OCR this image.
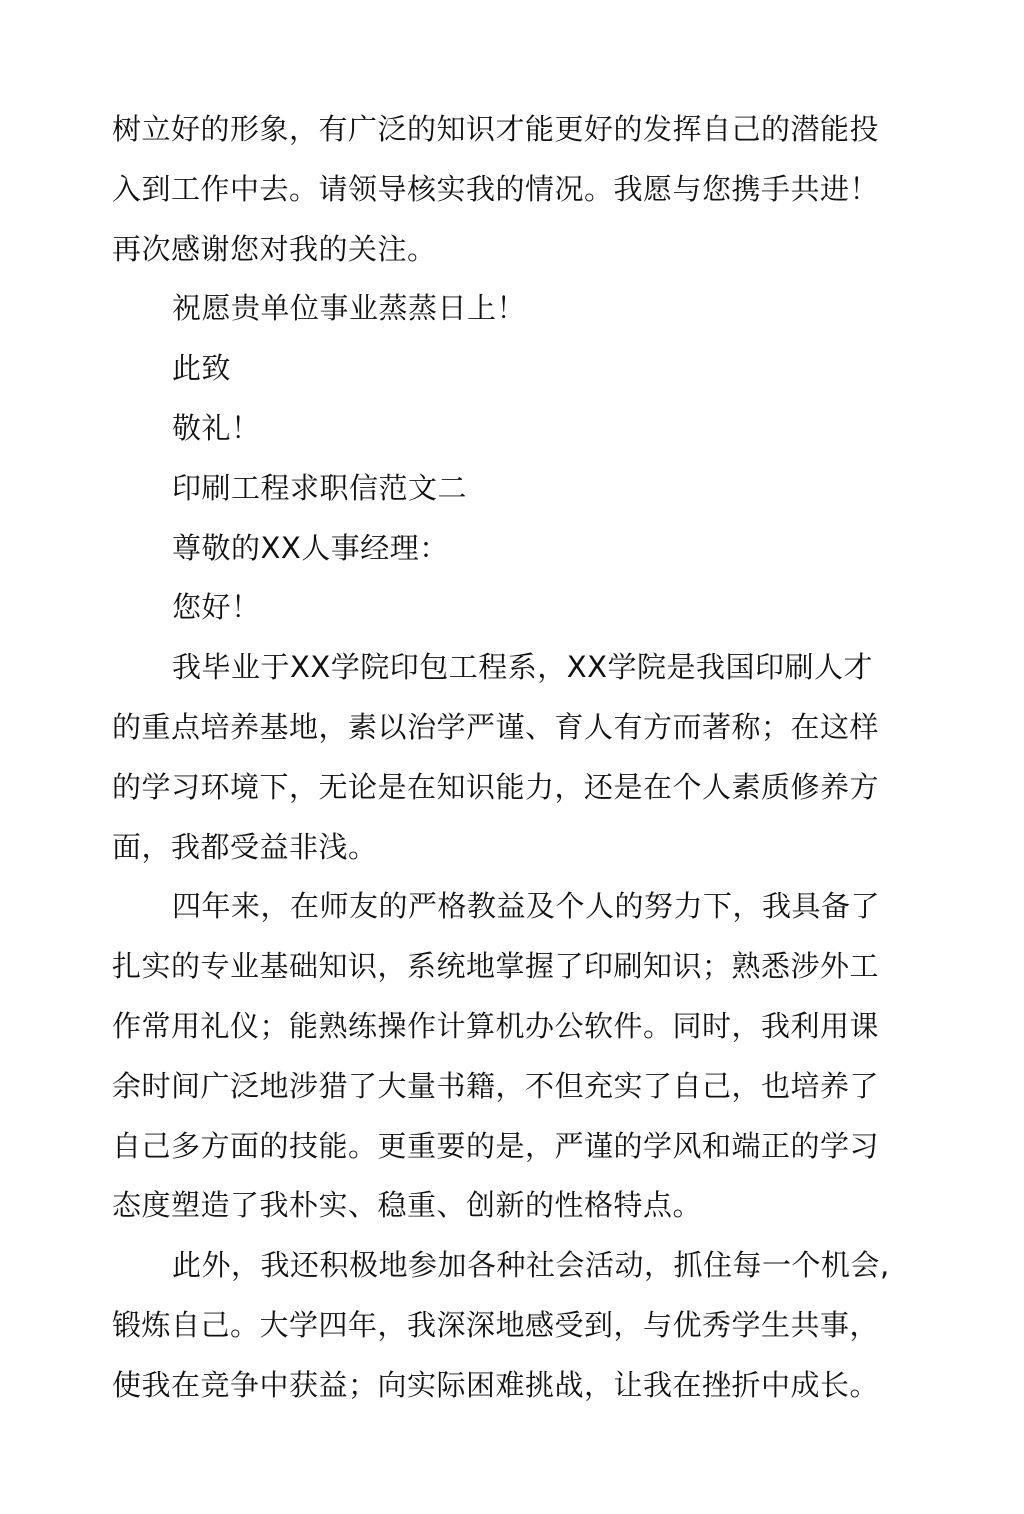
树立好的形象，有广泛的知识才能更好的发挥自己的潜能投
入到工作中去。请领导核实我的情况。我愿与您携手共进！
再次感谢您对我的关注。
祝愿贵单位事业蒸蒸日上！
此致
敬礼！
印刷工程求职信范文二
尊敬的XX人事经理：
您好！
我毕业于XX学院印包工程系，XX学院是我国印刷人才
的重点培养基地，素以治学严谨、育人有方而著称；在这样
的学习环境下，无论是在知识能力，还是在个人素质修养方
面，我都受益非浅。
四年来，在师友的严格教益及个人的努力下，我具备了
扎实的专业基础知识，系统地掌握了印刷知识；熟悉涉外工
作常用礼仪；能熟练操作计算机办公软件。同时，我利用课
余时间广泛地涉猎了大量书籍，不但充实了自己，也培养了
自己多方面的技能。更重要的是，严谨的学风和端正的学习
态度塑造了我朴实、稳重、创新的性格特点。
此外，我还积极地参加各种社会活动，抓住每一个机会,
锻炼自己。大学四年，我深深地感受到，与优秀学生共事，
使我在竞争中获益；向实际困难挑战，让我在挫折中成长。
